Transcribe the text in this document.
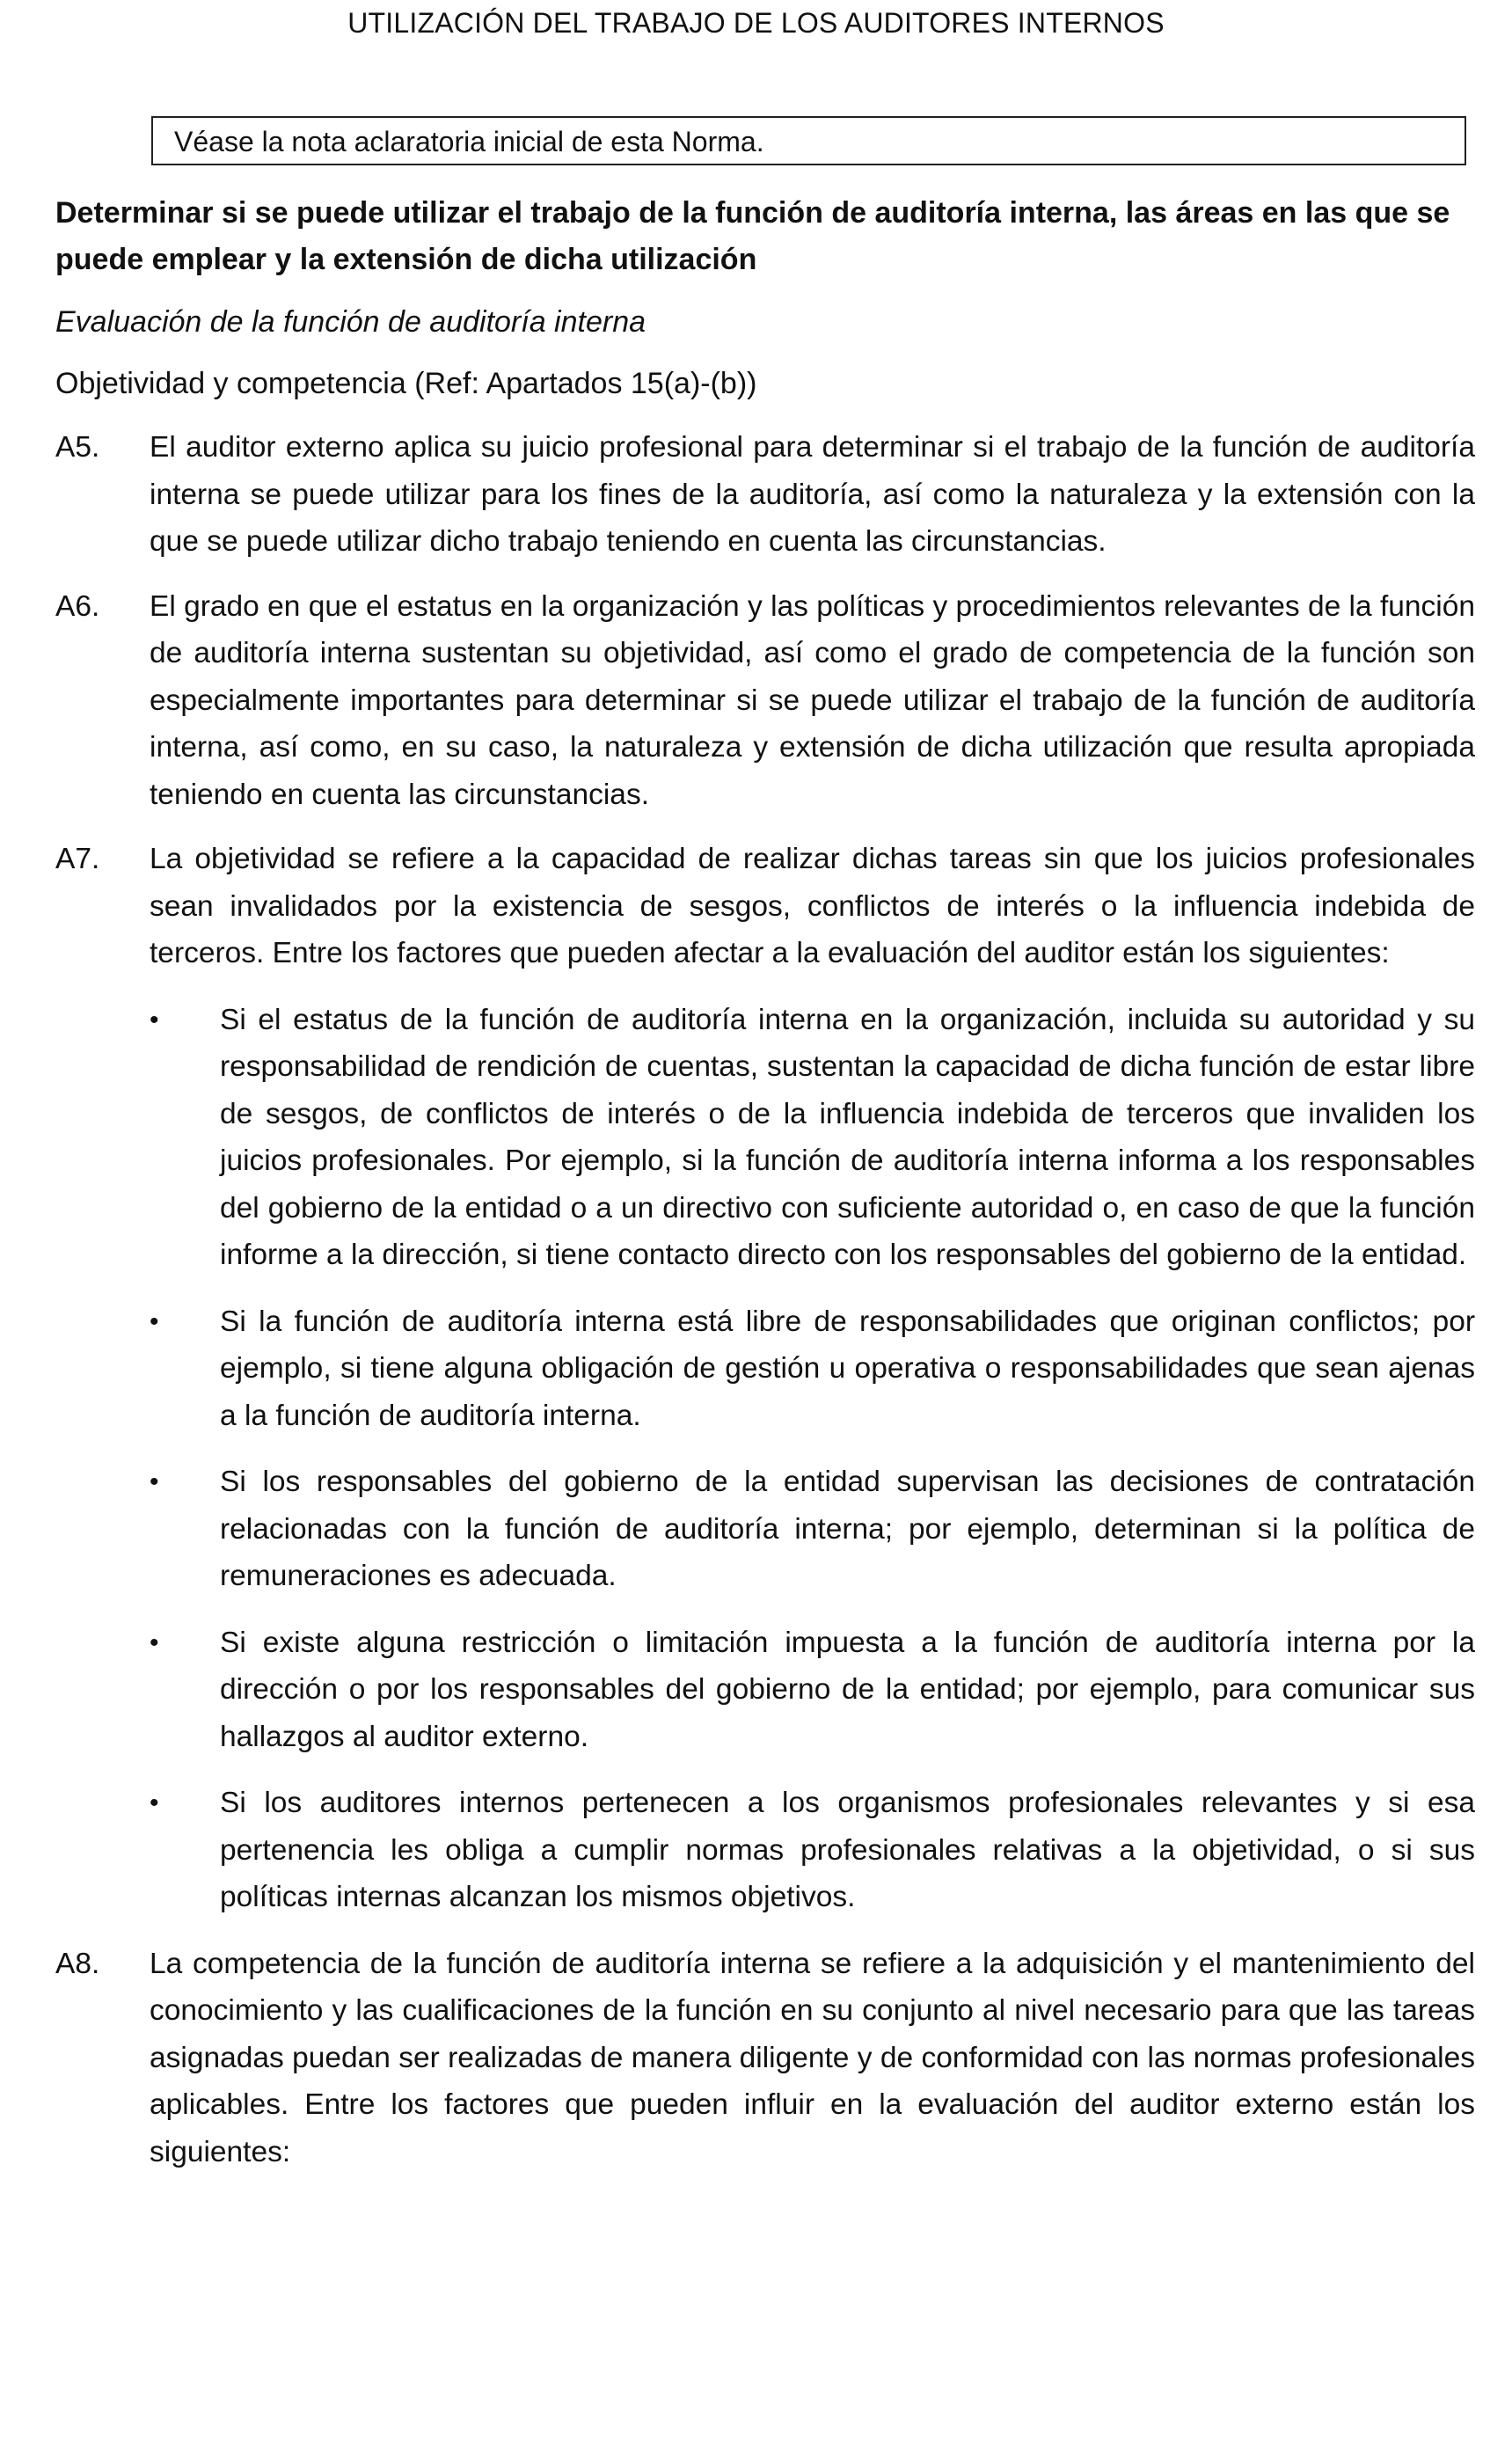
UTILIZACIÓN DEL TRABAJO DE LOS AUDITORES INTERNOS
Véase la nota aclaratoria inicial de esta Norma.
Determinar si se puede utilizar el trabajo de la función de auditoría interna, las áreas en las que se puede emplear y la extensión de dicha utilización
Evaluación de la función de auditoría interna
Objetividad y competencia (Ref: Apartados 15(a)-(b))
A5.	El auditor externo aplica su juicio profesional para determinar si el trabajo de la función de auditoría interna se puede utilizar para los fines de la auditoría, así como la naturaleza y la extensión con la que se puede utilizar dicho trabajo teniendo en cuenta las circunstancias.
A6.	El grado en que el estatus en la organización y las políticas y procedimientos relevantes de la función de auditoría interna sustentan su objetividad, así como el grado de competencia de la función son especialmente importantes para determinar si se puede utilizar el trabajo de la función de auditoría interna, así como, en su caso, la naturaleza y extensión de dicha utilización que resulta apropiada teniendo en cuenta las circunstancias.
A7.	La objetividad se refiere a la capacidad de realizar dichas tareas sin que los juicios profesionales sean invalidados por la existencia de sesgos, conflictos de interés o la influencia indebida de terceros. Entre los factores que pueden afectar a la evaluación del auditor están los siguientes:
•	Si el estatus de la función de auditoría interna en la organización, incluida su autoridad y su responsabilidad de rendición de cuentas, sustentan la capacidad de dicha función de estar libre de sesgos, de conflictos de interés o de la influencia indebida de terceros que invaliden los juicios profesionales. Por ejemplo, si la función de auditoría interna informa a los responsables del gobierno de la entidad o a un directivo con suficiente autoridad o, en caso de que la función informe a la dirección, si tiene contacto directo con los responsables del gobierno de la entidad.
•	Si la función de auditoría interna está libre de responsabilidades que originan conflictos; por ejemplo, si tiene alguna obligación de gestión u operativa o responsabilidades que sean ajenas a la función de auditoría interna.
•	Si los responsables del gobierno de la entidad supervisan las decisiones de contratación relacionadas con la función de auditoría interna; por ejemplo, determinan si la política de remuneraciones es adecuada.
•	Si existe alguna restricción o limitación impuesta a la función de auditoría interna por la dirección o por los responsables del gobierno de la entidad; por ejemplo, para comunicar sus hallazgos al auditor externo.
•	Si los auditores internos pertenecen a los organismos profesionales relevantes y si esa pertenencia les obliga a cumplir normas profesionales relativas a la objetividad, o si sus políticas internas alcanzan los mismos objetivos.
A8.	La competencia de la función de auditoría interna se refiere a la adquisición y el mantenimiento del conocimiento y las cualificaciones de la función en su conjunto al nivel necesario para que las tareas asignadas puedan ser realizadas de manera diligente y de conformidad con las normas profesionales aplicables. Entre los factores que pueden influir en la evaluación del auditor externo están los siguientes:
